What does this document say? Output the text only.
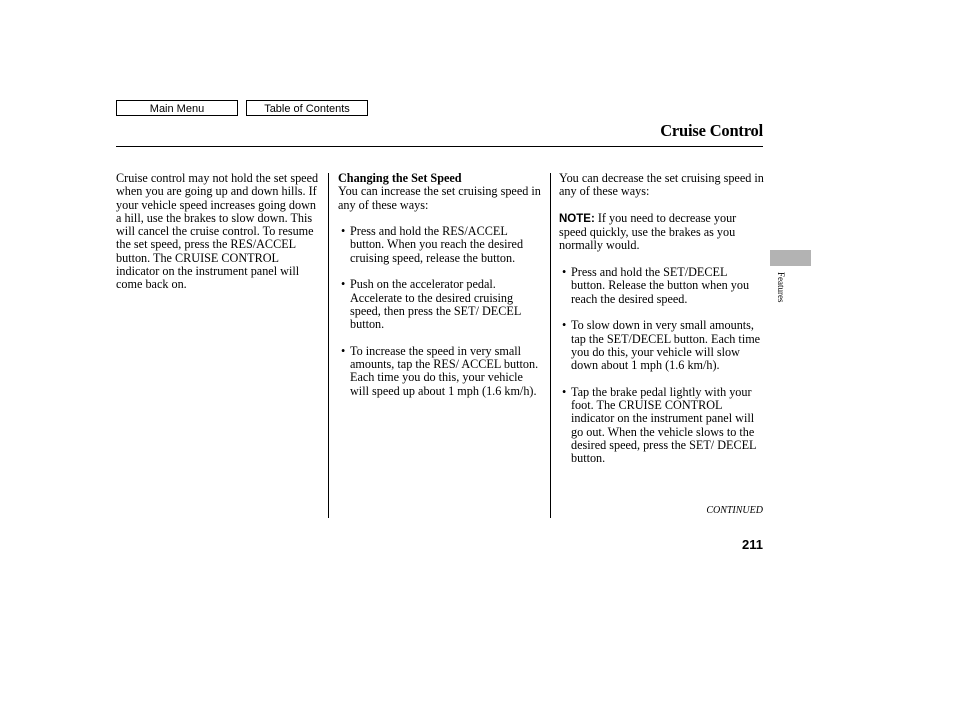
Main Menu	Table of Contents
Cruise Control

Cruise control may not hold the set speed when you are going up and down hills. If your vehicle speed increases going down a hill, use the brakes to slow down. This will cancel the cruise control. To resume the set speed, press the RES/ACCEL button. The CRUISE CONTROL indicator on the instrument panel will come back on.

Changing the Set Speed

You can increase the set cruising speed in any of these ways:

• Press and hold the RES/ACCEL button. When you reach the desired cruising speed, release the button.
• Push on the accelerator pedal. Accelerate to the desired cruising speed, then press the SET/ DECEL button.
• To increase the speed in very small amounts, tap the RES/ ACCEL button. Each time you do this, your vehicle will speed up about 1 mph (1.6 km/h).

You can decrease the set cruising speed in any of these ways:

NOTE: If you need to decrease your speed quickly, use the brakes as you normally would.

• Press and hold the SET/DECEL button. Release the button when you reach the desired speed.
• To slow down in very small amounts, tap the SET/DECEL button. Each time you do this, your vehicle will slow down about 1 mph (1.6 km/h).
• Tap the brake pedal lightly with your foot. The CRUISE CONTROL indicator on the instrument panel will go out. When the vehicle slows to the desired speed, press the SET/ DECEL button.
Features
CONTINUED
211
